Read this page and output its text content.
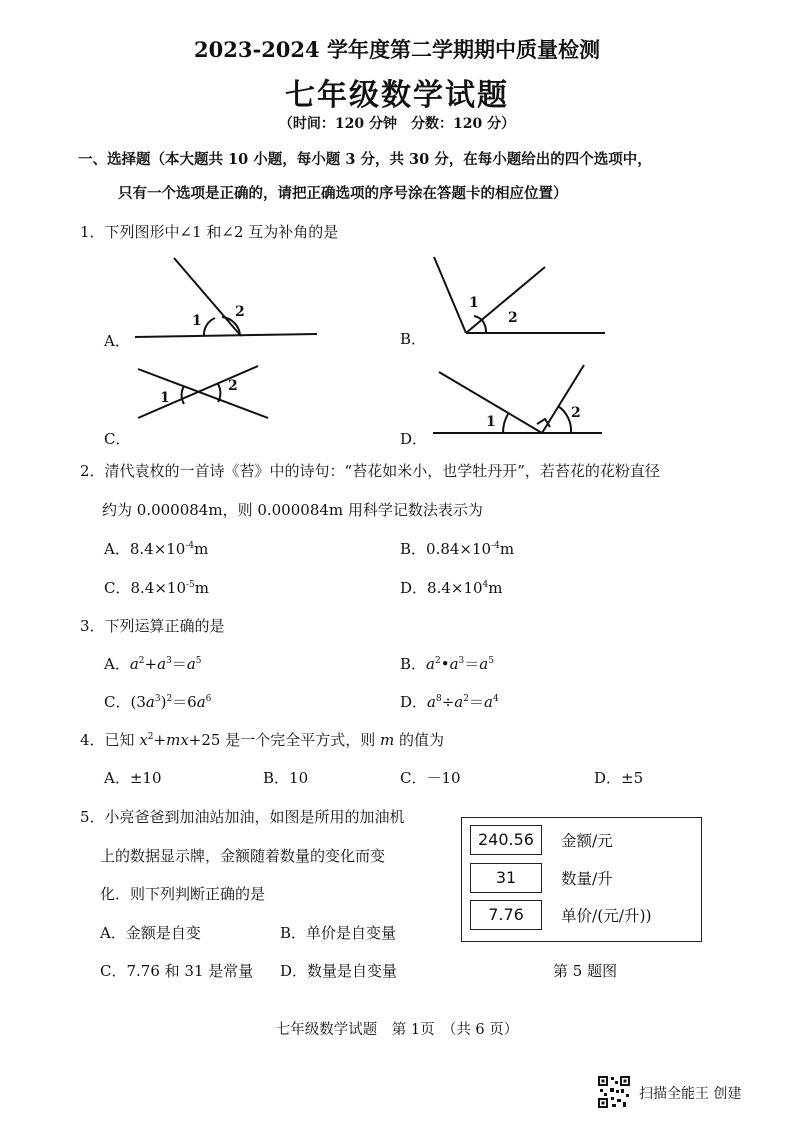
2023-2024 学年度第二学期期中质量检测
七年级数学试题
（时间：120 分钟　分数：120 分）
一、选择题（本大题共 10 小题，每小题 3 分，共 30 分，在每小题给出的四个选项中，
只有一个选项是正确的，请把正确选项的序号涂在答题卡的相应位置）
1．下列图形中∠1 和∠2 互为补角的是
A．	B．
C．	D．
1
2
1
2
1
2
1
2
2．清代袁枚的一首诗《苔》中的诗句：“苔花如米小，也学牡丹开”，若苔花的花粉直径
约为 0.000084m，则 0.000084m 用科学记数法表示为
A．$8.4\times 10^{-4}m$	B．$0.84\times 10^{-4}m$
C．$8.4\times 10^{-5}m$	D．$8.4\times 10^4m$
3．下列运算正确的是
A．$a^2+a^3=a^5$	B．$a^2•a^3=a^5$
C．$(3a^3)^2=6a^6$	D．$a^8\div a^2=a^4$
4．已知 $x^2+mx+25$ 是一个完全平方式，则 m 的值为
A．±10	B．10	C．－10	D．±5
5．小亮爸爸到加油站加油，如图是所用的加油机
上的数据显示牌，金额随着数量的变化而变
化．则下列判断正确的是
A．金额是自变	B．单价是自变量
C．7.76 和 31 是常量 D．数量是自变量
240.56	金额/元
31	数量/升
7.76	单价/(元/升))
第 5 题图
七年级数学试题　第 1页　（共 6 页）
扫描全能王 创建
